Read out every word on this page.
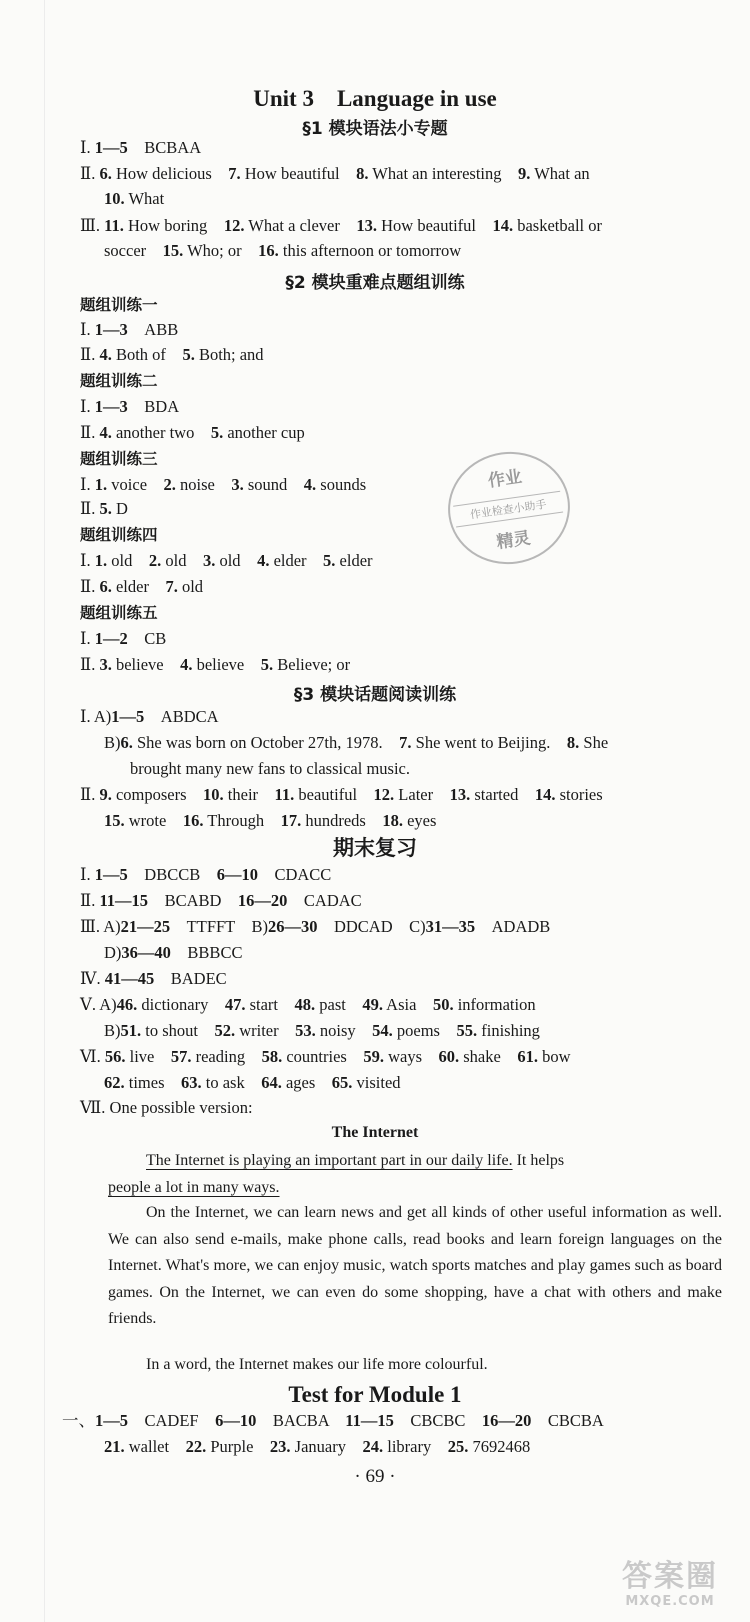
Unit 3　Language in use
§1 模块语法小专题
Ⅰ. 1—5　BCBAA
Ⅱ. 6. How delicious　7. How beautiful　8. What an interesting　9. What an
10. What
Ⅲ. 11. How boring　12. What a clever　13. How beautiful　14. basketball or
soccer　15. Who; or　16. this afternoon or tomorrow
§2 模块重难点题组训练
题组训练一
Ⅰ. 1—3　ABB
Ⅱ. 4. Both of　5. Both; and
题组训练二
Ⅰ. 1—3　BDA
Ⅱ. 4. another two　5. another cup
题组训练三
Ⅰ. 1. voice　2. noise　3. sound　4. sounds
Ⅱ. 5. D
题组训练四
Ⅰ. 1. old　2. old　3. old　4. elder　5. elder
Ⅱ. 6. elder　7. old
题组训练五
Ⅰ. 1—2　CB
Ⅱ. 3. believe　4. believe　5. Believe; or
作业
作业检查小助手
精灵
§3 模块话题阅读训练
Ⅰ. A)1—5　ABDCA
B)6. She was born on October 27th, 1978.　7. She went to Beijing.　8. She
brought many new fans to classical music.
Ⅱ. 9. composers　10. their　11. beautiful　12. Later　13. started　14. stories
15. wrote　16. Through　17. hundreds　18. eyes
期末复习
Ⅰ. 1—5　DBCCB　6—10　CDACC
Ⅱ. 11—15　BCABD　16—20　CADAC
Ⅲ. A)21—25　TTFFT　B)26—30　DDCAD　C)31—35　ADADB
D)36—40　BBBCC
Ⅳ. 41—45　BADEC
Ⅴ. A)46. dictionary　47. start　48. past　49. Asia　50. information
B)51. to shout　52. writer　53. noisy　54. poems　55. finishing
Ⅵ. 56. live　57. reading　58. countries　59. ways　60. shake　61. bow
62. times　63. to ask　64. ages　65. visited
Ⅶ. One possible version:
The Internet
The Internet is playing an important part in our daily life. It helps
people a lot in many ways.
On the Internet, we can learn news and get all kinds of other useful information as well. We can also send e-mails, make phone calls, read books and learn foreign languages on the Internet. What's more, we can enjoy music, watch sports matches and play games such as board games. On the Internet, we can even do some shopping, have a chat with others and make friends.
In a word, the Internet makes our life more colourful.
Test for Module 1
一、1—5　CADEF　6—10　BACBA　11—15　CBCBC　16—20　CBCBA
21. wallet　22. Purple　23. January　24. library　25. 7692468
· 69 ·
答案圈
MXQE.COM
